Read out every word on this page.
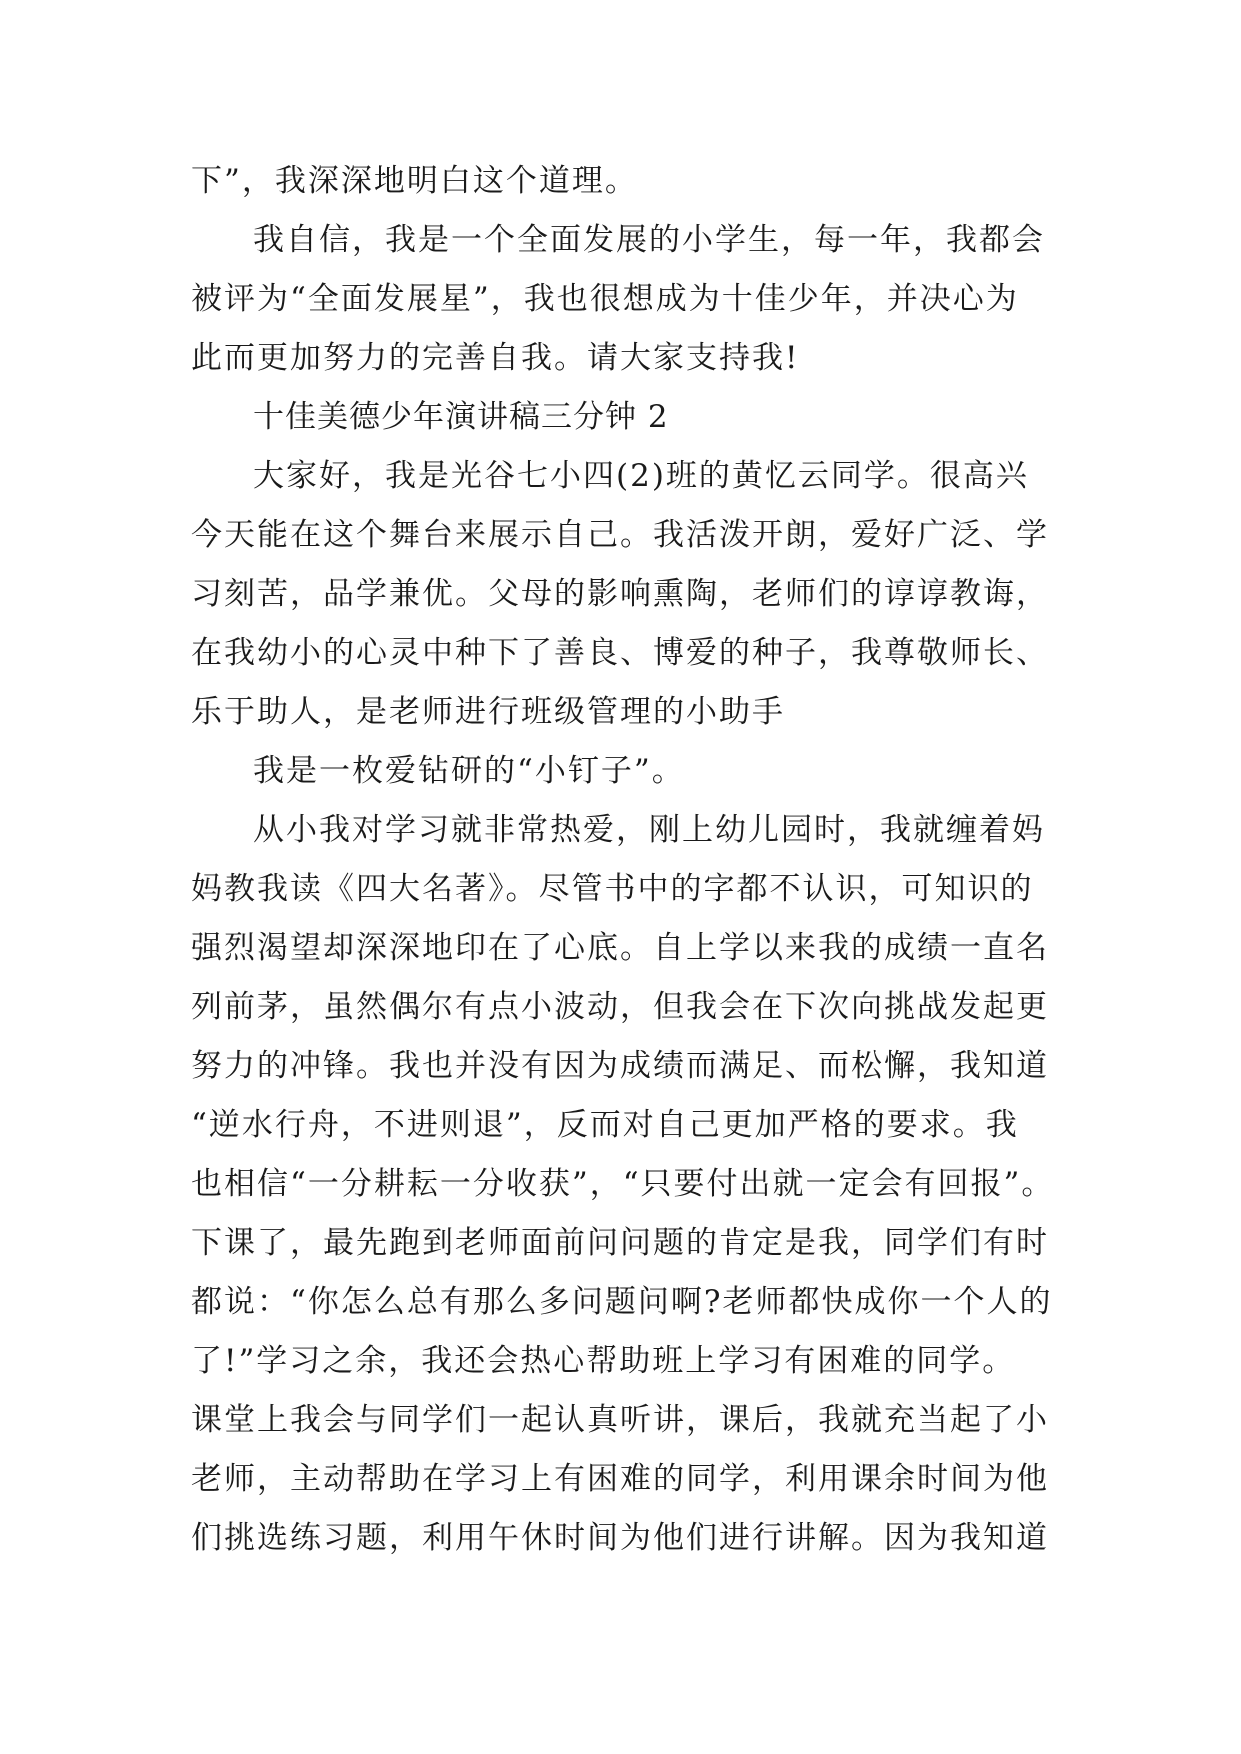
下”，我深深地明白这个道理。
我自信，我是一个全面发展的小学生，每一年，我都会
被评为“全面发展星”，我也很想成为十佳少年，并决心为
此而更加努力的完善自我。请大家支持我!
十佳美德少年演讲稿三分钟 2
大家好，我是光谷七小四(2)班的黄忆云同学。很高兴
今天能在这个舞台来展示自己。我活泼开朗，爱好广泛、学
习刻苦，品学兼优。父母的影响熏陶，老师们的谆谆教诲，
在我幼小的心灵中种下了善良、博爱的种子，我尊敬师长、
乐于助人，是老师进行班级管理的小助手
我是一枚爱钻研的“小钉子”。
从小我对学习就非常热爱，刚上幼儿园时，我就缠着妈
妈教我读《四大名著》。尽管书中的字都不认识，可知识的
强烈渴望却深深地印在了心底。自上学以来我的成绩一直名
列前茅，虽然偶尔有点小波动，但我会在下次向挑战发起更
努力的冲锋。我也并没有因为成绩而满足、而松懈，我知道
“逆水行舟，不进则退”，反而对自己更加严格的要求。我
也相信“一分耕耘一分收获”，“只要付出就一定会有回报”。
下课了，最先跑到老师面前问问题的肯定是我，同学们有时
都说：“你怎么总有那么多问题问啊?老师都快成你一个人的
了!”学习之余，我还会热心帮助班上学习有困难的同学。
课堂上我会与同学们一起认真听讲，课后，我就充当起了小
老师，主动帮助在学习上有困难的同学，利用课余时间为他
们挑选练习题，利用午休时间为他们进行讲解。因为我知道
